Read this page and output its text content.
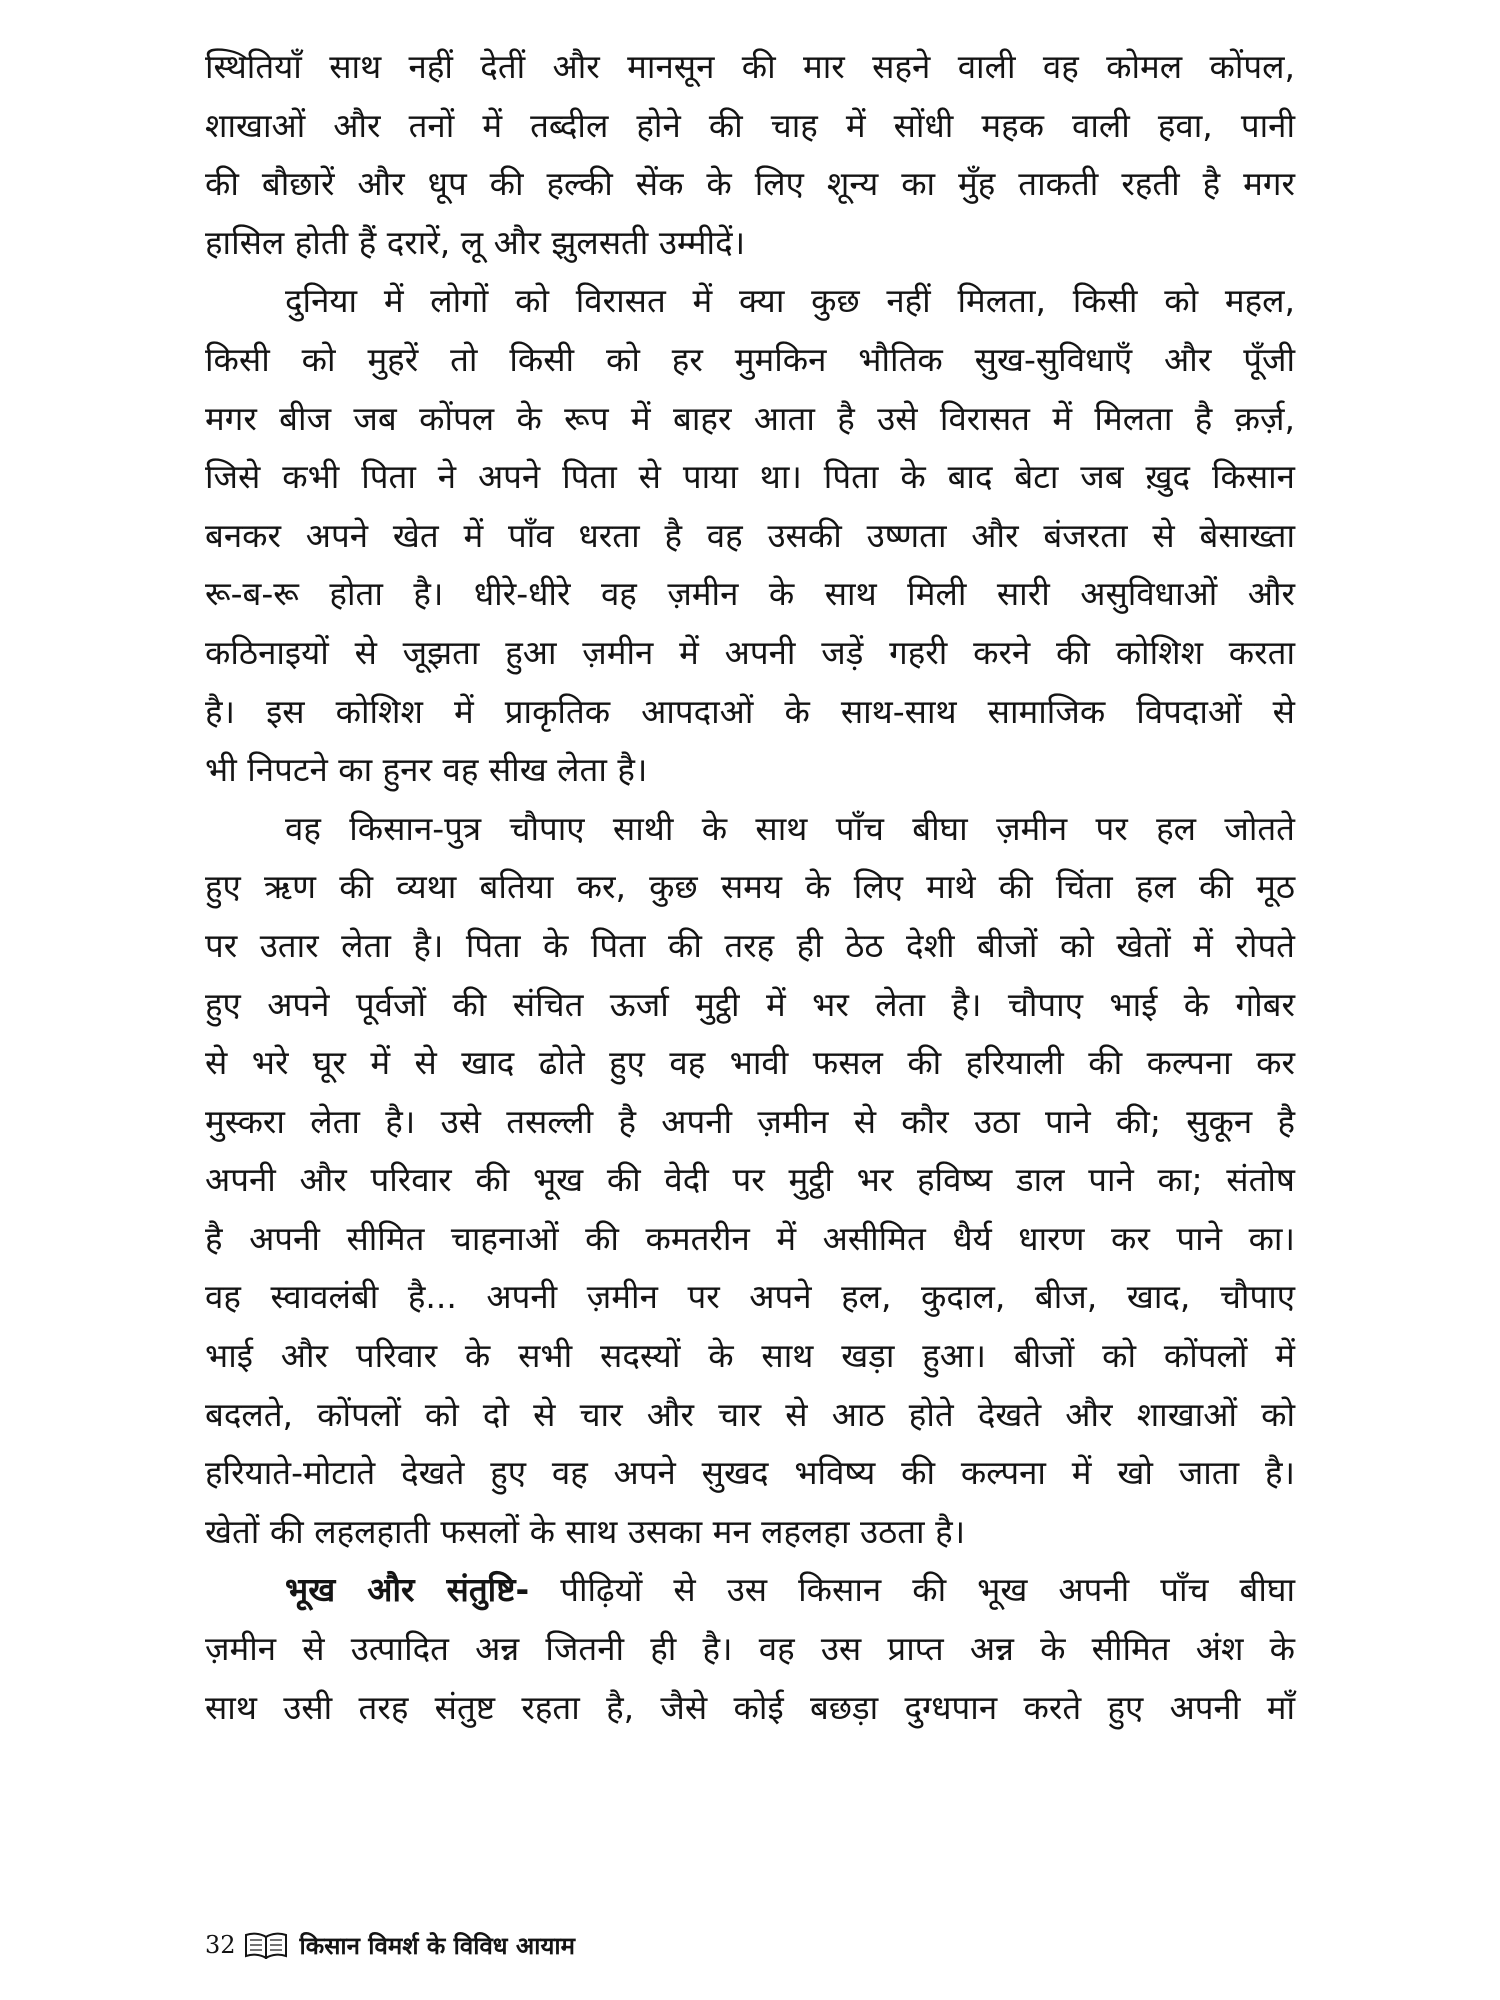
स्थितियाँ साथ नहीं देतीं और मानसून की मार सहने वाली वह कोमल कोंपल,
शाखाओं और तनों में तब्दील होने की चाह में सोंधी महक वाली हवा, पानी
की बौछारें और धूप की हल्की सेंक के लिए शून्य का मुँह ताकती रहती है मगर
हासिल होती हैं दरारें, लू और झुलसती उम्मीदें।
दुनिया में लोगों को विरासत में क्या कुछ नहीं मिलता, किसी को महल,
किसी को मुहरें तो किसी को हर मुमकिन भौतिक सुख-सुविधाएँ और पूँजी
मगर बीज जब कोंपल के रूप में बाहर आता है उसे विरासत में मिलता है क़र्ज़,
जिसे कभी पिता ने अपने पिता से पाया था। पिता के बाद बेटा जब ख़ुद किसान
बनकर अपने खेत में पाँव धरता है वह उसकी उष्णता और बंजरता से बेसाख्ता
रू-ब-रू होता है। धीरे-धीरे वह ज़मीन के साथ मिली सारी असुविधाओं और
कठिनाइयों से जूझता हुआ ज़मीन में अपनी जड़ें गहरी करने की कोशिश करता
है। इस कोशिश में प्राकृतिक आपदाओं के साथ-साथ सामाजिक विपदाओं से
भी निपटने का हुनर वह सीख लेता है।
वह किसान-पुत्र चौपाए साथी के साथ पाँच बीघा ज़मीन पर हल जोतते
हुए ऋण की व्यथा बतिया कर, कुछ समय के लिए माथे की चिंता हल की मूठ
पर उतार लेता है। पिता के पिता की तरह ही ठेठ देशी बीजों को खेतों में रोपते
हुए अपने पूर्वजों की संचित ऊर्जा मुट्ठी में भर लेता है। चौपाए भाई के गोबर
से भरे घूर में से खाद ढोते हुए वह भावी फसल की हरियाली की कल्पना कर
मुस्करा लेता है। उसे तसल्ली है अपनी ज़मीन से कौर उठा पाने की; सुकून है
अपनी और परिवार की भूख की वेदी पर मुट्ठी भर हविष्य डाल पाने का; संतोष
है अपनी सीमित चाहनाओं की कमतरीन में असीमित धैर्य धारण कर पाने का।
वह स्वावलंबी है... अपनी ज़मीन पर अपने हल, कुदाल, बीज, खाद, चौपाए
भाई और परिवार के सभी सदस्यों के साथ खड़ा हुआ। बीजों को कोंपलों में
बदलते, कोंपलों को दो से चार और चार से आठ होते देखते और शाखाओं को
हरियाते-मोटाते देखते हुए वह अपने सुखद भविष्य की कल्पना में खो जाता है।
खेतों की लहलहाती फसलों के साथ उसका मन लहलहा उठता है।
भूख और संतुष्टि- पीढ़ियों से उस किसान की भूख अपनी पाँच बीघा
ज़मीन से उत्पादित अन्न जितनी ही है। वह उस प्राप्त अन्न के सीमित अंश के
साथ उसी तरह संतुष्ट रहता है, जैसे कोई बछड़ा दुग्धपान करते हुए अपनी माँ
32	किसान विमर्श के विविध आयाम
